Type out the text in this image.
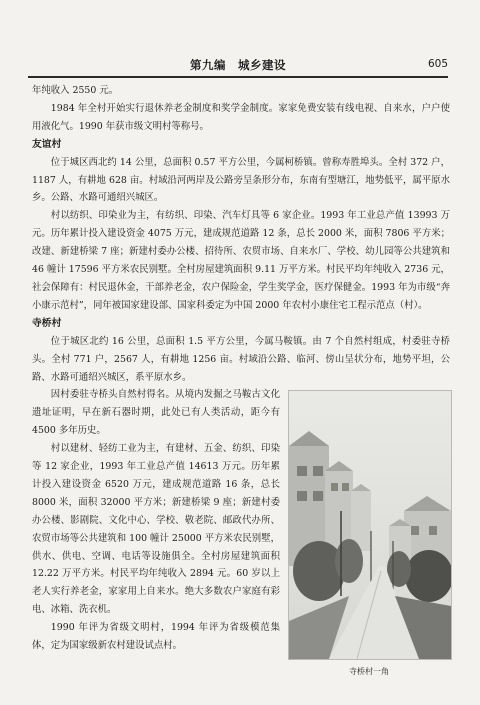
第九编　城乡建设	605

年纯收入 2550 元。

1984 年全村开始实行退休养老金制度和奖学金制度。家家免费安装有线电视、自来水，户户使用液化气。1990 年获市级文明村等称号。

友谊村

位于城区西北约 14 公里，总面积 0.57 平方公里，今属柯桥镇。曾称寿胜埠头。全村 372 户，1187 人，有耕地 628 亩。村域沿河两岸及公路旁呈条形分布，东南有型塘江，地势低平，属平原水乡。公路、水路可通绍兴城区。

村以纺织、印染业为主，有纺织、印染、汽车灯具等 6 家企业。1993 年工业总产值 13993 万元。历年累计投入建设资金 4075 万元，建成规范道路 12 条，总长 2000 米，面积 7806 平方米；改建、新建桥梁 7 座；新建村委办公楼、招待所、农贸市场、自来水厂、学校、幼儿园等公共建筑和 46 幢计 17596 平方米农民别墅。全村房屋建筑面积 9.11 万平方米。村民平均年纯收入 2736 元，社会保障有：村民退休金，干部养老金，农户保险金，学生奖学金，医疗保健金。1993 年为市级“奔小康示范村”，同年被国家建设部、国家科委定为中国 2000 年农村小康住宅工程示范点（村）。

寺桥村

位于城区北约 16 公里，总面积 1.5 平方公里，今属马鞍镇。由 7 个自然村组成，村委驻寺桥头。全村 771 户，2567 人，有耕地 1256 亩。村域沿公路、临河、傍山呈状分布，地势平坦，公路、水路可通绍兴城区，系平原水乡。

寺桥村一角

因村委驻寺桥头自然村得名。从境内发掘之马鞍古文化遗址证明，早在新石器时期，此处已有人类活动，距今有 4500 多年历史。

村以建材、轻纺工业为主，有建材、五金、纺织、印染等 12 家企业，1993 年工业总产值 14613 万元。历年累计投入建设资金 6520 万元，建成规范道路 16 条，总长 8000 米，面积 32000 平方米；新建桥梁 9 座；新建村委办公楼、影剧院、文化中心、学校、敬老院、邮政代办所、农贸市场等公共建筑和 100 幢计 25000 平方米农民别墅，供水、供电、空调、电话等设施俱全。全村房屋建筑面积 12.22 万平方米。村民平均年纯收入 2894 元。60 岁以上老人实行养老金，家家用上自来水。绝大多数农户家庭有彩电、冰箱、洗衣机。

1990 年评为省级文明村，1994 年评为省级模范集体，定为国家级新农村建设试点村。
